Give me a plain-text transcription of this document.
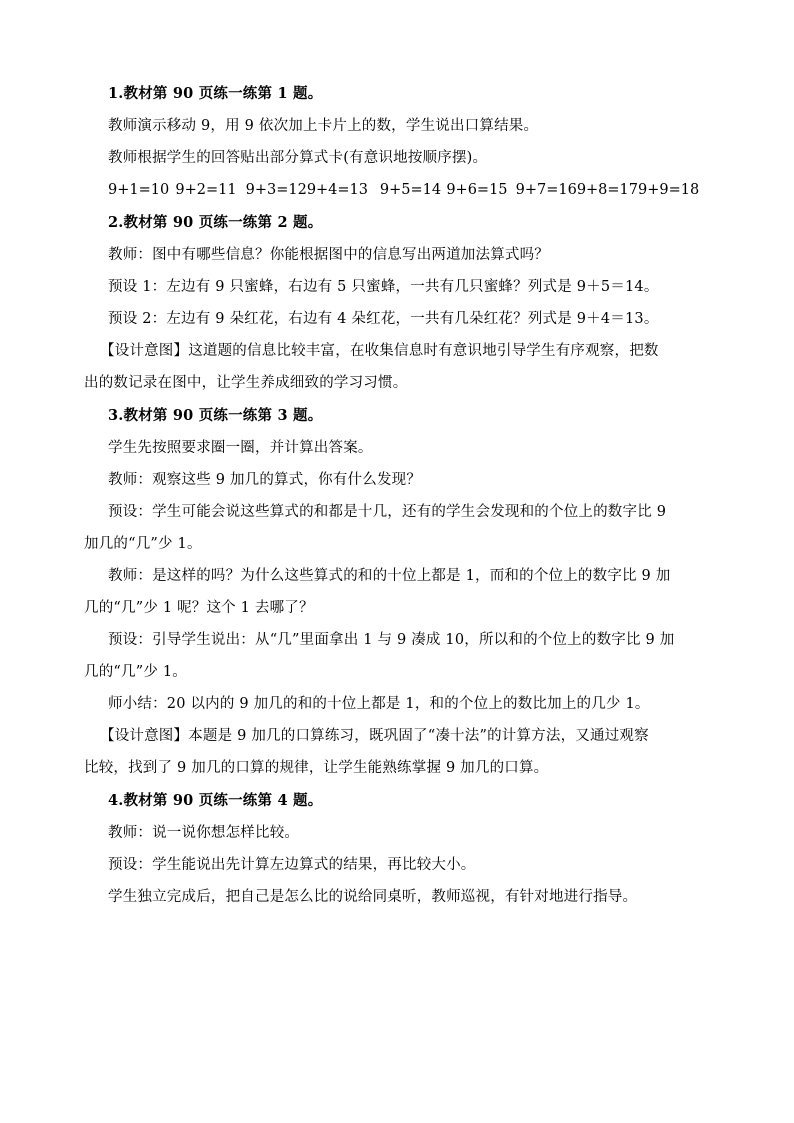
1.教材第 90 页练一练第 1 题。
教师演示移动 9，用 9 依次加上卡片上的数，学生说出口算结果。
教师根据学生的回答贴出部分算式卡(有意识地按顺序摆)。
9+1=10 9+2=11 9+3=12 9+4=13 9+5=14 9+6=15 9+7=16 9+8=17 9+9=18
2.教材第 90 页练一练第 2 题。
教师：图中有哪些信息？你能根据图中的信息写出两道加法算式吗？
预设 1：左边有 9 只蜜蜂，右边有 5 只蜜蜂，一共有几只蜜蜂？列式是 9＋5＝14。
预设 2：左边有 9 朵红花，右边有 4 朵红花，一共有几朵红花？列式是 9＋4＝13。
【设计意图】这道题的信息比较丰富，在收集信息时有意识地引导学生有序观察，把数
出的数记录在图中，让学生养成细致的学习习惯。
3.教材第 90 页练一练第 3 题。
学生先按照要求圈一圈，并计算出答案。
教师：观察这些 9 加几的算式，你有什么发现？
预设：学生可能会说这些算式的和都是十几，还有的学生会发现和的个位上的数字比 9
加几的“几”少 1。
教师：是这样的吗？为什么这些算式的和的十位上都是 1，而和的个位上的数字比 9 加
几的“几”少 1 呢？这个 1 去哪了？
预设：引导学生说出：从“几”里面拿出 1 与 9 凑成 10，所以和的个位上的数字比 9 加
几的“几”少 1。
师小结：20 以内的 9 加几的和的十位上都是 1，和的个位上的数比加上的几少 1。
【设计意图】本题是 9 加几的口算练习，既巩固了“凑十法”的计算方法，又通过观察
比较，找到了 9 加几的口算的规律，让学生能熟练掌握 9 加几的口算。
4.教材第 90 页练一练第 4 题。
教师：说一说你想怎样比较。
预设：学生能说出先计算左边算式的结果，再比较大小。
学生独立完成后，把自己是怎么比的说给同桌听，教师巡视，有针对地进行指导。
